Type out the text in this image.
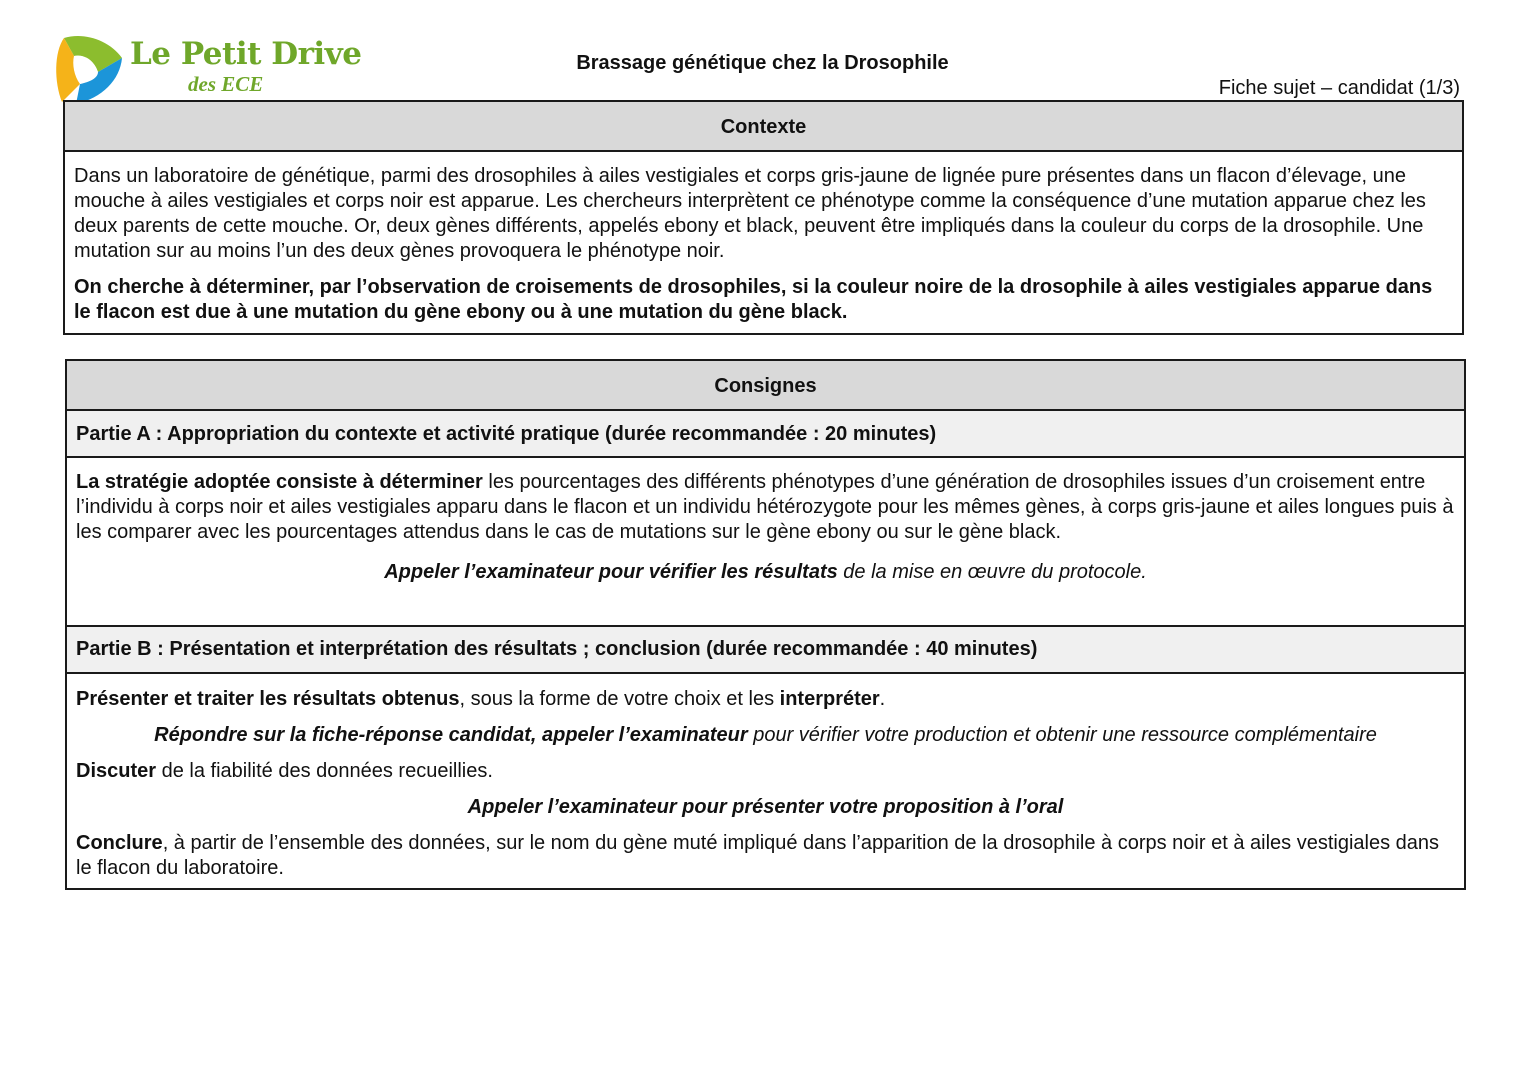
Le Petit Drive
des ECE
Brassage génétique chez la Drosophile
Fiche sujet – candidat (1/3)
Contexte

Dans un laboratoire de génétique, parmi des drosophiles à ailes vestigiales et corps gris-jaune de lignée pure présentes dans un flacon d’élevage, une mouche à ailes vestigiales et corps noir est apparue. Les chercheurs interprètent ce phénotype comme la conséquence d’une mutation apparue chez les deux parents de cette mouche. Or, deux gènes différents, appelés ebony et black, peuvent être impliqués dans la couleur du corps de la drosophile. Une mutation sur au moins l’un des deux gènes provoquera le phénotype noir.

On cherche à déterminer, par l’observation de croisements de drosophiles, si la couleur noire de la drosophile à ailes vestigiales apparue dans le flacon est due à une mutation du gène ebony ou à une mutation du gène black.

Consignes
Partie A : Appropriation du contexte et activité pratique (durée recommandée : 20 minutes)

La stratégie adoptée consiste à déterminer les pourcentages des différents phénotypes d’une génération de drosophiles issues d’un croisement entre l’individu à corps noir et ailes vestigiales apparu dans le flacon et un individu hétérozygote pour les mêmes gènes, à corps gris-jaune et ailes longues puis à les comparer avec les pourcentages attendus dans le cas de mutations sur le gène ebony ou sur le gène black.

Appeler l’examinateur pour vérifier les résultats de la mise en œuvre du protocole.

Partie B : Présentation et interprétation des résultats ; conclusion (durée recommandée : 40 minutes)

Présenter et traiter les résultats obtenus, sous la forme de votre choix et les interpréter.

Répondre sur la fiche-réponse candidat, appeler l’examinateur pour vérifier votre production et obtenir une ressource complémentaire

Discuter de la fiabilité des données recueillies.

Appeler l’examinateur pour présenter votre proposition à l’oral

Conclure, à partir de l’ensemble des données, sur le nom du gène muté impliqué dans l’apparition de la drosophile à corps noir et à ailes vestigiales dans le flacon du laboratoire.
